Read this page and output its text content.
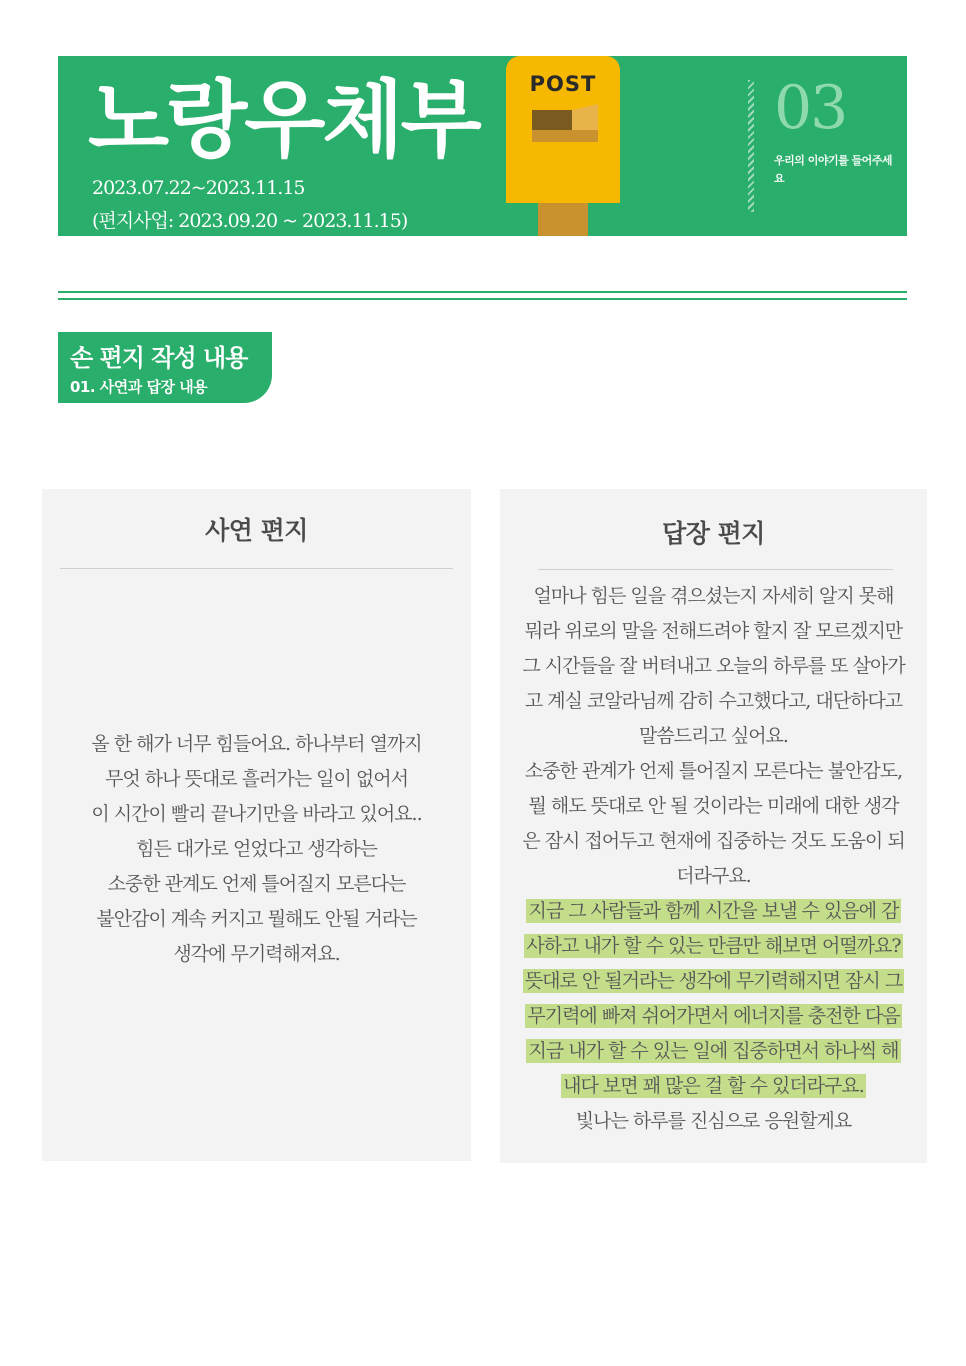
노랑우체부
2023.07.22~2023.11.15
(편지사업: 2023.09.20 ~ 2023.11.15)
POST	03
우리의 이야기를 들어주세요
손 편지 작성 내용
01. 사연과 답장 내용
사연 편지
올 한 해가 너무 힘들어요. 하나부터 열까지
무엇 하나 뜻대로 흘러가는 일이 없어서
이 시간이 빨리 끝나기만을 바라고 있어요..
힘든 대가로 얻었다고 생각하는
소중한 관계도 언제 틀어질지 모른다는
불안감이 계속 커지고 뭘해도 안될 거라는
생각에 무기력해져요.
답장 편지
얼마나 힘든 일을 겪으셨는지 자세히 알지 못해
뭐라 위로의 말을 전해드려야 할지 잘 모르겠지만
그 시간들을 잘 버텨내고 오늘의 하루를 또 살아가
고 계실 코알라님께 감히 수고했다고, 대단하다고
말씀드리고 싶어요.
소중한 관계가 언제 틀어질지 모른다는 불안감도,
뭘 해도 뜻대로 안 될 것이라는 미래에 대한 생각
은 잠시 접어두고 현재에 집중하는 것도 도움이 되
더라구요.
지금 그 사람들과 함께 시간을 보낼 수 있음에 감
사하고 내가 할 수 있는 만큼만 해보면 어떨까요?
뜻대로 안 될거라는 생각에 무기력해지면 잠시 그
무기력에 빠져 쉬어가면서 에너지를 충전한 다음
지금 내가 할 수 있는 일에 집중하면서 하나씩 해
내다 보면 꽤 많은 걸 할 수 있더라구요.
빛나는 하루를 진심으로 응원할게요
